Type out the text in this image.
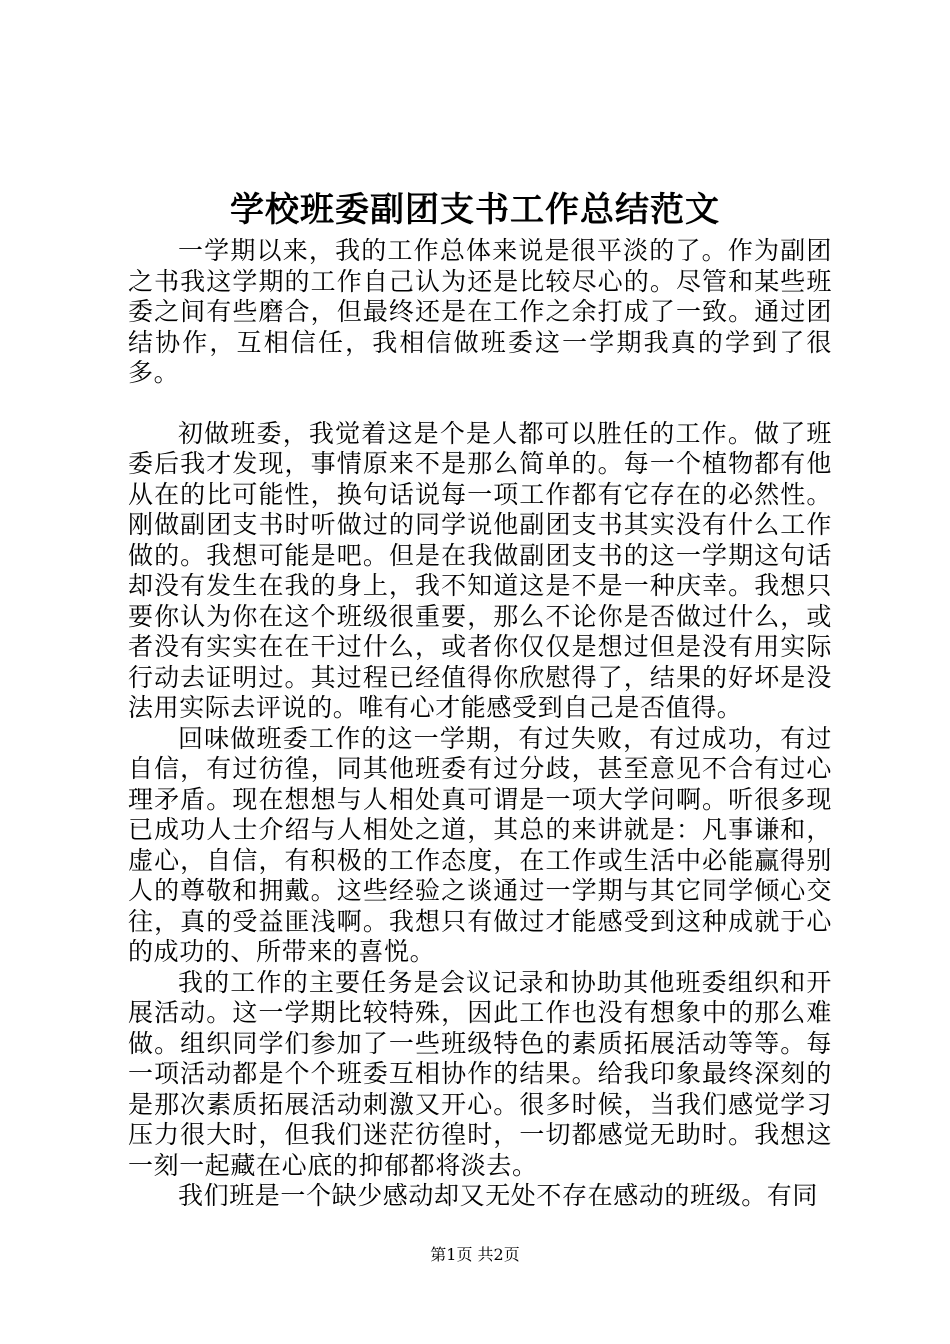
学校班委副团支书工作总结范文

一学期以来，我的工作总体来说是很平淡的了。作为副团之书我这学期的工作自己认为还是比较尽心的。尽管和某些班委之间有些磨合，但最终还是在工作之余打成了一致。通过团结协作，互相信任，我相信做班委这一学期我真的学到了很多。

初做班委，我觉着这是个是人都可以胜任的工作。做了班委后我才发现，事情原来不是那么简单的。每一个植物都有他从在的比可能性，换句话说每一项工作都有它存在的必然性。刚做副团支书时听做过的同学说他副团支书其实没有什么工作做的。我想可能是吧。但是在我做副团支书的这一学期这句话却没有发生在我的身上，我不知道这是不是一种庆幸。我想只要你认为你在这个班级很重要，那么不论你是否做过什么，或者没有实实在在干过什么，或者你仅仅是想过但是没有用实际行动去证明过。其过程已经值得你欣慰得了，结果的好坏是没法用实际去评说的。唯有心才能感受到自己是否值得。

回味做班委工作的这一学期，有过失败，有过成功，有过自信，有过彷徨，同其他班委有过分歧，甚至意见不合有过心理矛盾。现在想想与人相处真可谓是一项大学问啊。听很多现已成功人士介绍与人相处之道，其总的来讲就是：凡事谦和，虚心，自信，有积极的工作态度，在工作或生活中必能赢得别人的尊敬和拥戴。这些经验之谈通过一学期与其它同学倾心交往，真的受益匪浅啊。我想只有做过才能感受到这种成就于心的成功的、所带来的喜悦。

我的工作的主要任务是会议记录和协助其他班委组织和开展活动。这一学期比较特殊，因此工作也没有想象中的那么难做。组织同学们参加了一些班级特色的素质拓展活动等等。每一项活动都是个个班委互相协作的结果。给我印象最终深刻的是那次素质拓展活动刺激又开心。很多时候，当我们感觉学习压力很大时，但我们迷茫彷徨时，一切都感觉无助时。我想这一刻一起藏在心底的抑郁都将淡去。

我们班是一个缺少感动却又无处不存在感动的班级。有同

第1页 共2页
